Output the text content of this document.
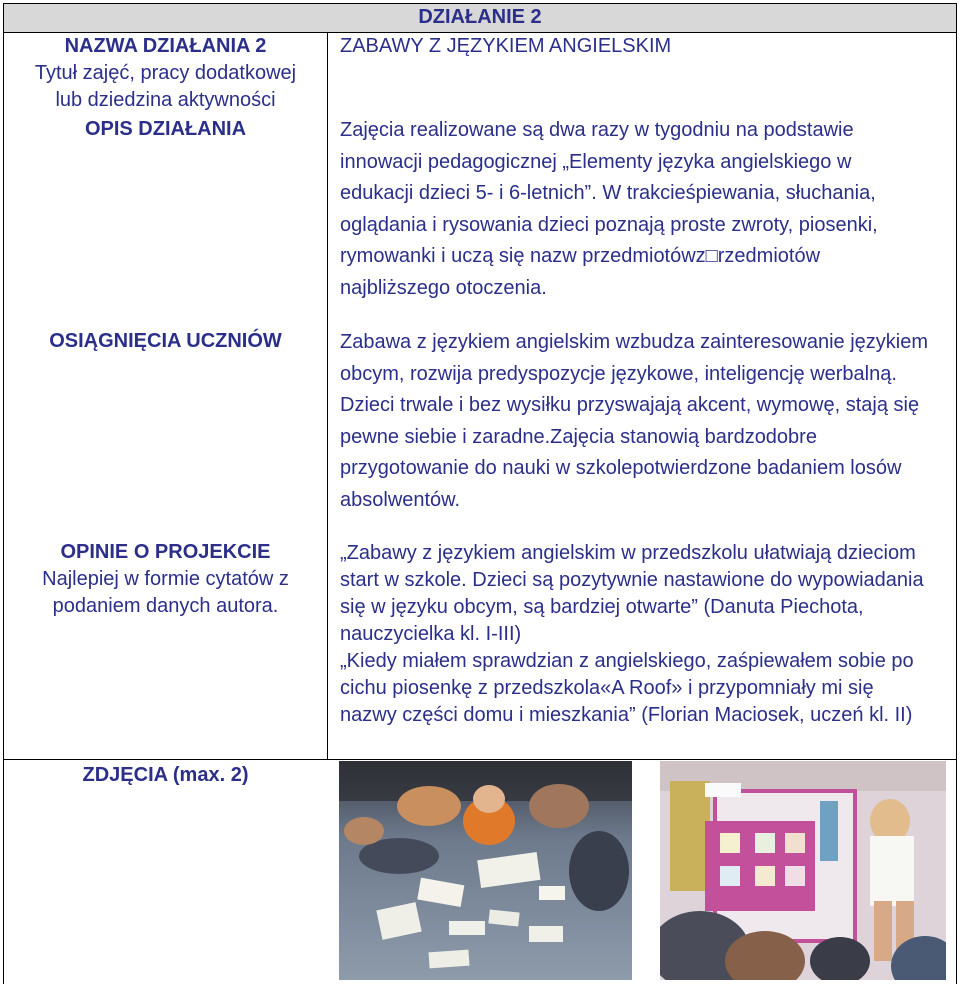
DZIAŁANIE 2
NAZWA DZIAŁANIA 2
Tytuł zajęć, pracy dodatkowej
lub dziedzina aktywności
ZABAWY Z JĘZYKIEM ANGIELSKIM
OPIS DZIAŁANIA	Zajęcia realizowane są dwa razy w tygodniu na podstawie
innowacji pedagogicznej „Elementy języka angielskiego w
edukacji dzieci 5- i 6-letnich”. W trakcieśpiewania, słuchania,
oglądania i rysowania dzieci poznają proste zwroty, piosenki,
rymowanki i uczą się nazw przedmiotówz□rzedmiotów
najbliższego otoczenia.
OSIĄGNIĘCIA UCZNIÓW	Zabawa z językiem angielskim wzbudza zainteresowanie językiem
obcym, rozwija predyspozycje językowe, inteligencję werbalną.
Dzieci trwale i bez wysiłku przyswajają akcent, wymowę, stają się
pewne siebie i zaradne.Zajęcia stanowią bardzodobre
przygotowanie do nauki w szkolepotwierdzone badaniem losów
absolwentów.
OPINIE O PROJEKCIE
Najlepiej w formie cytatów z
podaniem danych autora.
„Zabawy z językiem angielskim w przedszkolu ułatwiają dzieciom
start w szkole. Dzieci są pozytywnie nastawione do wypowiadania
się w języku obcym, są bardziej otwarte” (Danuta Piechota,
nauczycielka kl. I-III)
„Kiedy miałem sprawdzian z angielskiego, zaśpiewałem sobie po
cichu piosenkę z przedszkola«A Roof» i przypomniały mi się
nazwy części domu i mieszkania” (Florian Maciosek, uczeń kl. II)
ZDJĘCIA (max. 2)
